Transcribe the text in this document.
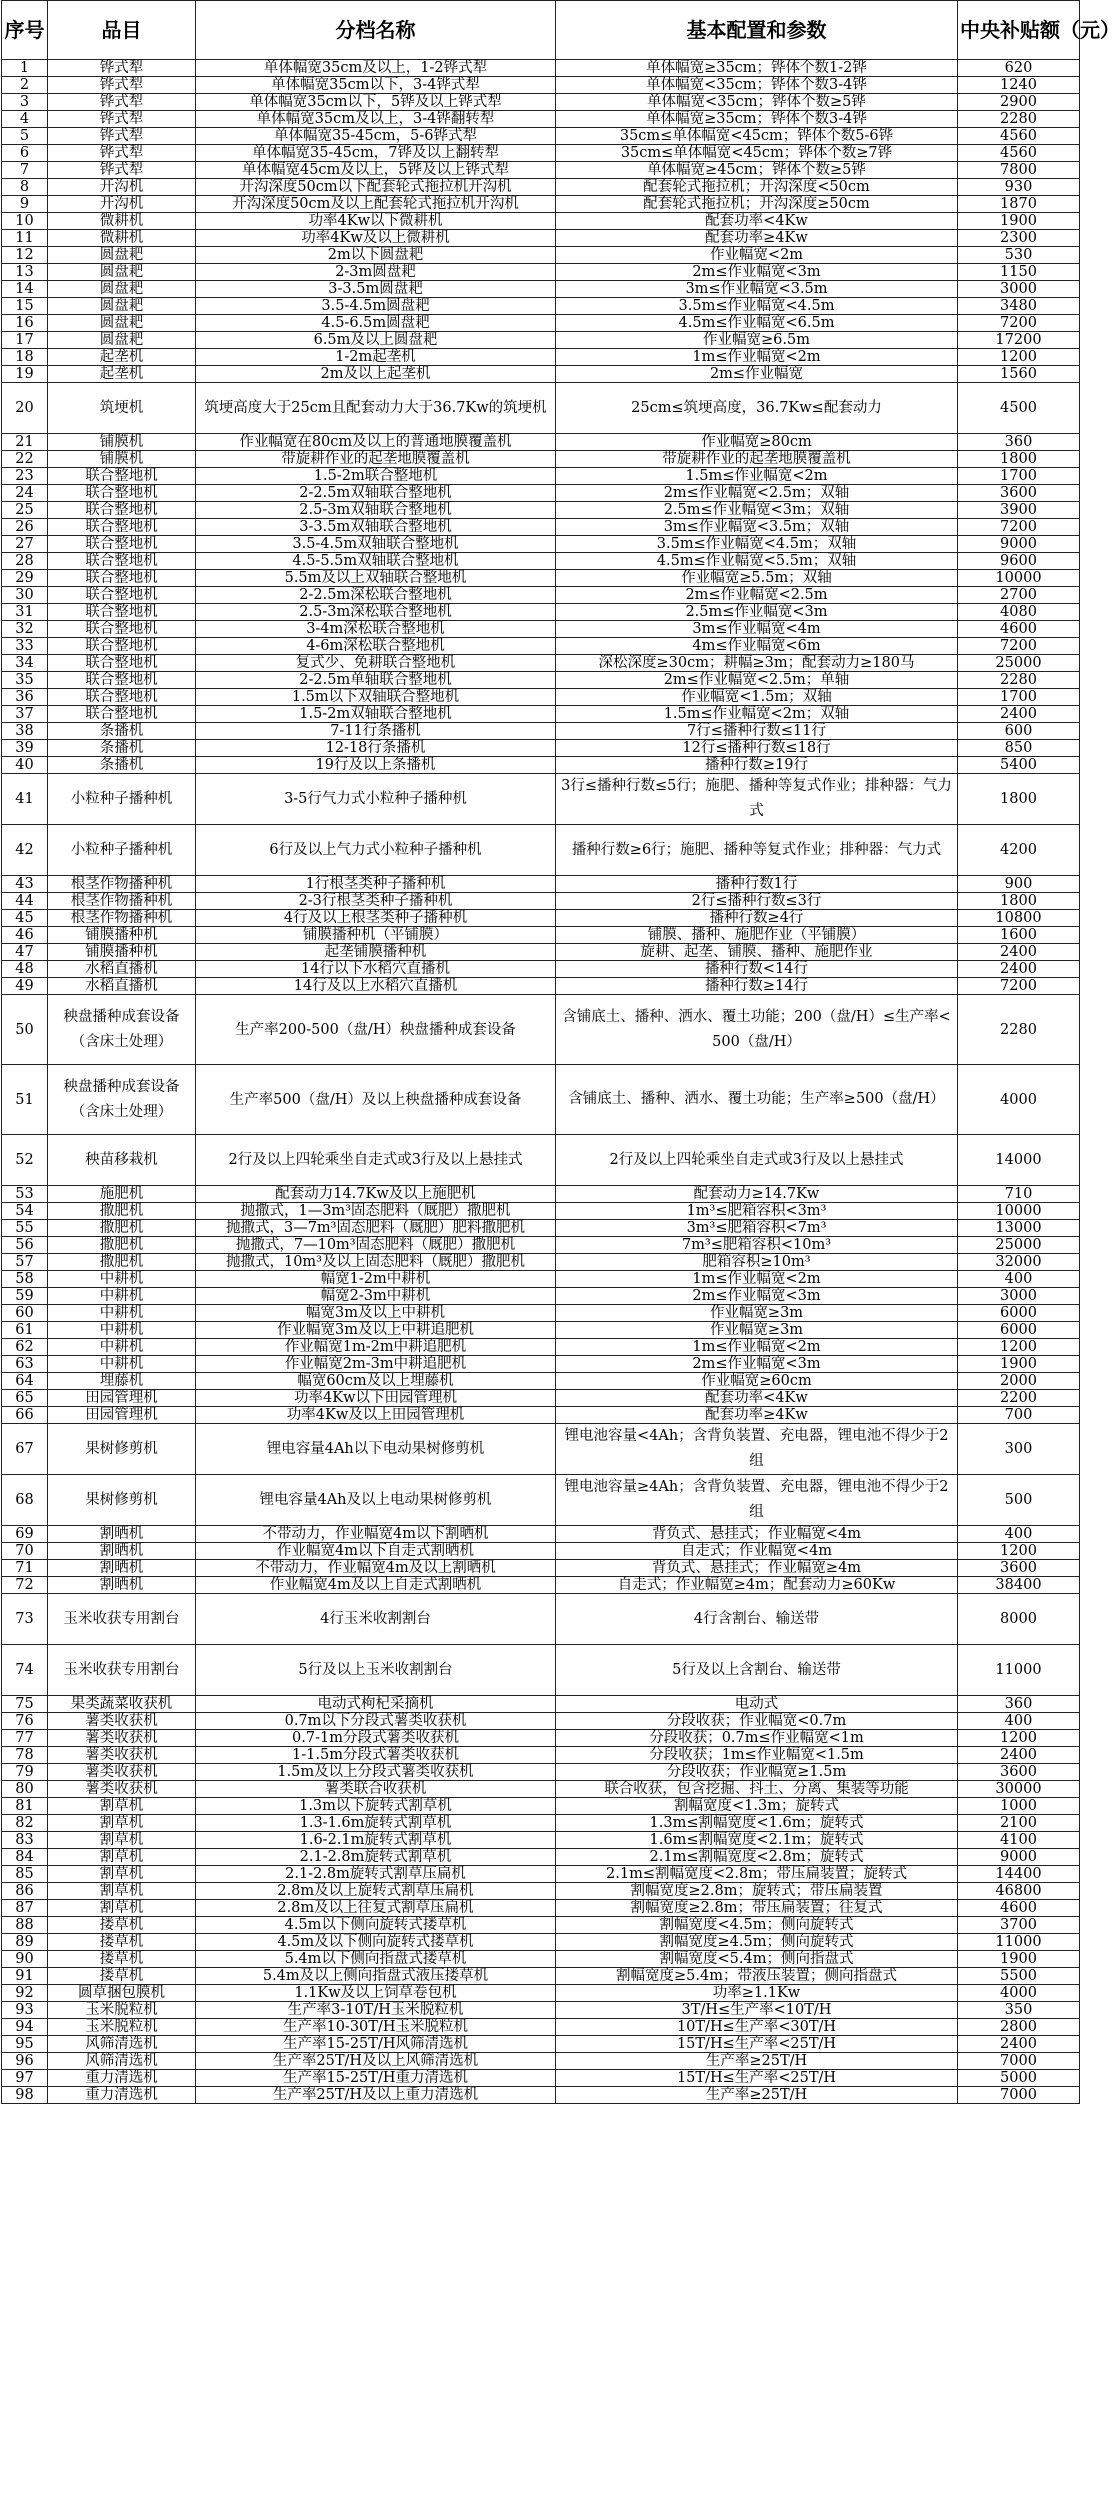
序号	品目	分档名称	基本配置和参数	中央补贴额（元）
1	铧式犁	单体幅宽35cm及以上，1-2铧式犁	单体幅宽≥35cm；铧体个数1-2铧	620
2	铧式犁	单体幅宽35cm以下，3-4铧式犁	单体幅宽<35cm；铧体个数3-4铧	1240
3	铧式犁	单体幅宽35cm以下，5铧及以上铧式犁	单体幅宽<35cm；铧体个数≥5铧	2900
4	铧式犁	单体幅宽35cm及以上，3-4铧翻转犁	单体幅宽≥35cm；铧体个数3-4铧	2280
5	铧式犁	单体幅宽35-45cm，5-6铧式犁	35cm≤单体幅宽<45cm；铧体个数5-6铧	4560
6	铧式犁	单体幅宽35-45cm，7铧及以上翻转犁	35cm≤单体幅宽<45cm；铧体个数≥7铧	4560
7	铧式犁	单体幅宽45cm及以上，5铧及以上铧式犁	单体幅宽≥45cm；铧体个数≥5铧	7800
8	开沟机	开沟深度50cm以下配套轮式拖拉机开沟机	配套轮式拖拉机；开沟深度<50cm	930
9	开沟机	开沟深度50cm及以上配套轮式拖拉机开沟机	配套轮式拖拉机；开沟深度≥50cm	1870
10	微耕机	功率4Kw以下微耕机	配套功率<4Kw	1900
11	微耕机	功率4Kw及以上微耕机	配套功率≥4Kw	2300
12	圆盘耙	2m以下圆盘耙	作业幅宽<2m	530
13	圆盘耙	2-3m圆盘耙	2m≤作业幅宽<3m	1150
14	圆盘耙	3-3.5m圆盘耙	3m≤作业幅宽<3.5m	3000
15	圆盘耙	3.5-4.5m圆盘耙	3.5m≤作业幅宽<4.5m	3480
16	圆盘耙	4.5-6.5m圆盘耙	4.5m≤作业幅宽<6.5m	7200
17	圆盘耙	6.5m及以上圆盘耙	作业幅宽≥6.5m	17200
18	起垄机	1-2m起垄机	1m≤作业幅宽<2m	1200
19	起垄机	2m及以上起垄机	2m≤作业幅宽	1560
20	筑埂机	筑埂高度大于25cm且配套动力大于36.7Kw的筑埂机	25cm≤筑埂高度，36.7Kw≤配套动力	4500
21	铺膜机	作业幅宽在80cm及以上的普通地膜覆盖机	作业幅宽≥80cm	360
22	铺膜机	带旋耕作业的起垄地膜覆盖机	带旋耕作业的起垄地膜覆盖机	1800
23	联合整地机	1.5-2m联合整地机	1.5m≤作业幅宽<2m	1700
24	联合整地机	2-2.5m双轴联合整地机	2m≤作业幅宽<2.5m；双轴	3600
25	联合整地机	2.5-3m双轴联合整地机	2.5m≤作业幅宽<3m；双轴	3900
26	联合整地机	3-3.5m双轴联合整地机	3m≤作业幅宽<3.5m；双轴	7200
27	联合整地机	3.5-4.5m双轴联合整地机	3.5m≤作业幅宽<4.5m；双轴	9000
28	联合整地机	4.5-5.5m双轴联合整地机	4.5m≤作业幅宽<5.5m；双轴	9600
29	联合整地机	5.5m及以上双轴联合整地机	作业幅宽≥5.5m；双轴	10000
30	联合整地机	2-2.5m深松联合整地机	2m≤作业幅宽<2.5m	2700
31	联合整地机	2.5-3m深松联合整地机	2.5m≤作业幅宽<3m	4080
32	联合整地机	3-4m深松联合整地机	3m≤作业幅宽<4m	4600
33	联合整地机	4-6m深松联合整地机	4m≤作业幅宽<6m	7200
34	联合整地机	复式少、免耕联合整地机	深松深度≥30cm；耕幅≥3m；配套动力≥180马	25000
35	联合整地机	2-2.5m单轴联合整地机	2m≤作业幅宽<2.5m；单轴	2280
36	联合整地机	1.5m以下双轴联合整地机	作业幅宽<1.5m；双轴	1700
37	联合整地机	1.5-2m双轴联合整地机	1.5m≤作业幅宽<2m；双轴	2400
38	条播机	7-11行条播机	7行≤播种行数≤11行	600
39	条播机	12-18行条播机	12行≤播种行数≤18行	850
40	条播机	19行及以上条播机	播种行数≥19行	5400
41	小粒种子播种机	3-5行气力式小粒种子播种机	3行≤播种行数≤5行；施肥、播种等复式作业；排种器：气力式	1800
42	小粒种子播种机	6行及以上气力式小粒种子播种机	播种行数≥6行；施肥、播种等复式作业；排种器：气力式	4200
43	根茎作物播种机	1行根茎类种子播种机	播种行数1行	900
44	根茎作物播种机	2-3行根茎类种子播种机	2行≤播种行数≤3行	1800
45	根茎作物播种机	4行及以上根茎类种子播种机	播种行数≥4行	10800
46	铺膜播种机	铺膜播种机（平铺膜）	铺膜、播种、施肥作业（平铺膜）	1600
47	铺膜播种机	起垄铺膜播种机	旋耕、起垄、铺膜、播种、施肥作业	2400
48	水稻直播机	14行以下水稻穴直播机	播种行数<14行	2400
49	水稻直播机	14行及以上水稻穴直播机	播种行数≥14行	7200
50	秧盘播种成套设备（含床土处理）	生产率200-500（盘/H）秧盘播种成套设备	含铺底土、播种、洒水、覆土功能；200（盘/H）≤生产率<500（盘/H）	2280
51	秧盘播种成套设备（含床土处理）	生产率500（盘/H）及以上秧盘播种成套设备	含铺底土、播种、洒水、覆土功能；生产率≥500（盘/H）	4000
52	秧苗移栽机	2行及以上四轮乘坐自走式或3行及以上悬挂式	2行及以上四轮乘坐自走式或3行及以上悬挂式	14000
53	施肥机	配套动力14.7Kw及以上施肥机	配套动力≥14.7Kw	710
54	撒肥机	抛撒式，1—3m³固态肥料（厩肥）撒肥机	1m³≤肥箱容积<3m³	10000
55	撒肥机	抛撒式，3—7m³固态肥料（厩肥）肥料撒肥机	3m³≤肥箱容积<7m³	13000
56	撒肥机	抛撒式，7—10m³固态肥料（厩肥）撒肥机	7m³≤肥箱容积<10m³	25000
57	撒肥机	抛撒式，10m³及以上固态肥料（厩肥）撒肥机	肥箱容积≥10m³	32000
58	中耕机	幅宽1-2m中耕机	1m≤作业幅宽<2m	400
59	中耕机	幅宽2-3m中耕机	2m≤作业幅宽<3m	3000
60	中耕机	幅宽3m及以上中耕机	作业幅宽≥3m	6000
61	中耕机	作业幅宽3m及以上中耕追肥机	作业幅宽≥3m	6000
62	中耕机	作业幅宽1m-2m中耕追肥机	1m≤作业幅宽<2m	1200
63	中耕机	作业幅宽2m-3m中耕追肥机	2m≤作业幅宽<3m	1900
64	埋藤机	幅宽60cm及以上埋藤机	作业幅宽≥60cm	2000
65	田园管理机	功率4Kw以下田园管理机	配套功率<4Kw	2200
66	田园管理机	功率4Kw及以上田园管理机	配套功率≥4Kw	700
67	果树修剪机	锂电容量4Ah以下电动果树修剪机	锂电池容量<4Ah；含背负装置、充电器，锂电池不得少于2组	300
68	果树修剪机	锂电容量4Ah及以上电动果树修剪机	锂电池容量≥4Ah；含背负装置、充电器，锂电池不得少于2组	500
69	割晒机	不带动力，作业幅宽4m以下割晒机	背负式、悬挂式；作业幅宽<4m	400
70	割晒机	作业幅宽4m以下自走式割晒机	自走式；作业幅宽<4m	1200
71	割晒机	不带动力，作业幅宽4m及以上割晒机	背负式、悬挂式；作业幅宽≥4m	3600
72	割晒机	作业幅宽4m及以上自走式割晒机	自走式；作业幅宽≥4m；配套动力≥60Kw	38400
73	玉米收获专用割台	4行玉米收割割台	4行含割台、输送带	8000
74	玉米收获专用割台	5行及以上玉米收割割台	5行及以上含割台、输送带	11000
75	果类蔬菜收获机	电动式枸杞采摘机	电动式	360
76	薯类收获机	0.7m以下分段式薯类收获机	分段收获；作业幅宽<0.7m	400
77	薯类收获机	0.7-1m分段式薯类收获机	分段收获；0.7m≤作业幅宽<1m	1200
78	薯类收获机	1-1.5m分段式薯类收获机	分段收获；1m≤作业幅宽<1.5m	2400
79	薯类收获机	1.5m及以上分段式薯类收获机	分段收获；作业幅宽≥1.5m	3600
80	薯类收获机	薯类联合收获机	联合收获，包含挖掘、抖土、分离、集装等功能	30000
81	割草机	1.3m以下旋转式割草机	割幅宽度<1.3m；旋转式	1000
82	割草机	1.3-1.6m旋转式割草机	1.3m≤割幅宽度<1.6m；旋转式	2100
83	割草机	1.6-2.1m旋转式割草机	1.6m≤割幅宽度<2.1m；旋转式	4100
84	割草机	2.1-2.8m旋转式割草机	2.1m≤割幅宽度<2.8m；旋转式	9000
85	割草机	2.1-2.8m旋转式割草压扁机	2.1m≤割幅宽度<2.8m；带压扁装置；旋转式	14400
86	割草机	2.8m及以上旋转式割草压扁机	割幅宽度≥2.8m；旋转式；带压扁装置	46800
87	割草机	2.8m及以上往复式割草压扁机	割幅宽度≥2.8m；带压扁装置；往复式	4600
88	搂草机	4.5m以下侧向旋转式搂草机	割幅宽度<4.5m；侧向旋转式	3700
89	搂草机	4.5m及以下侧向旋转式搂草机	割幅宽度≥4.5m；侧向旋转式	11000
90	搂草机	5.4m以下侧向指盘式搂草机	割幅宽度<5.4m；侧向指盘式	1900
91	搂草机	5.4m及以上侧向指盘式液压搂草机	割幅宽度≥5.4m；带液压装置；侧向指盘式	5500
92	圆草捆包膜机	1.1Kw及以上饲草卷包机	功率≥1.1Kw	4000
93	玉米脱粒机	生产率3-10T/H玉米脱粒机	3T/H≤生产率<10T/H	350
94	玉米脱粒机	生产率10-30T/H玉米脱粒机	10T/H≤生产率<30T/H	2800
95	风筛清选机	生产率15-25T/H风筛清选机	15T/H≤生产率<25T/H	2400
96	风筛清选机	生产率25T/H及以上风筛清选机	生产率≥25T/H	7000
97	重力清选机	生产率15-25T/H重力清选机	15T/H≤生产率<25T/H	5000
98	重力清选机	生产率25T/H及以上重力清选机	生产率≥25T/H	7000
